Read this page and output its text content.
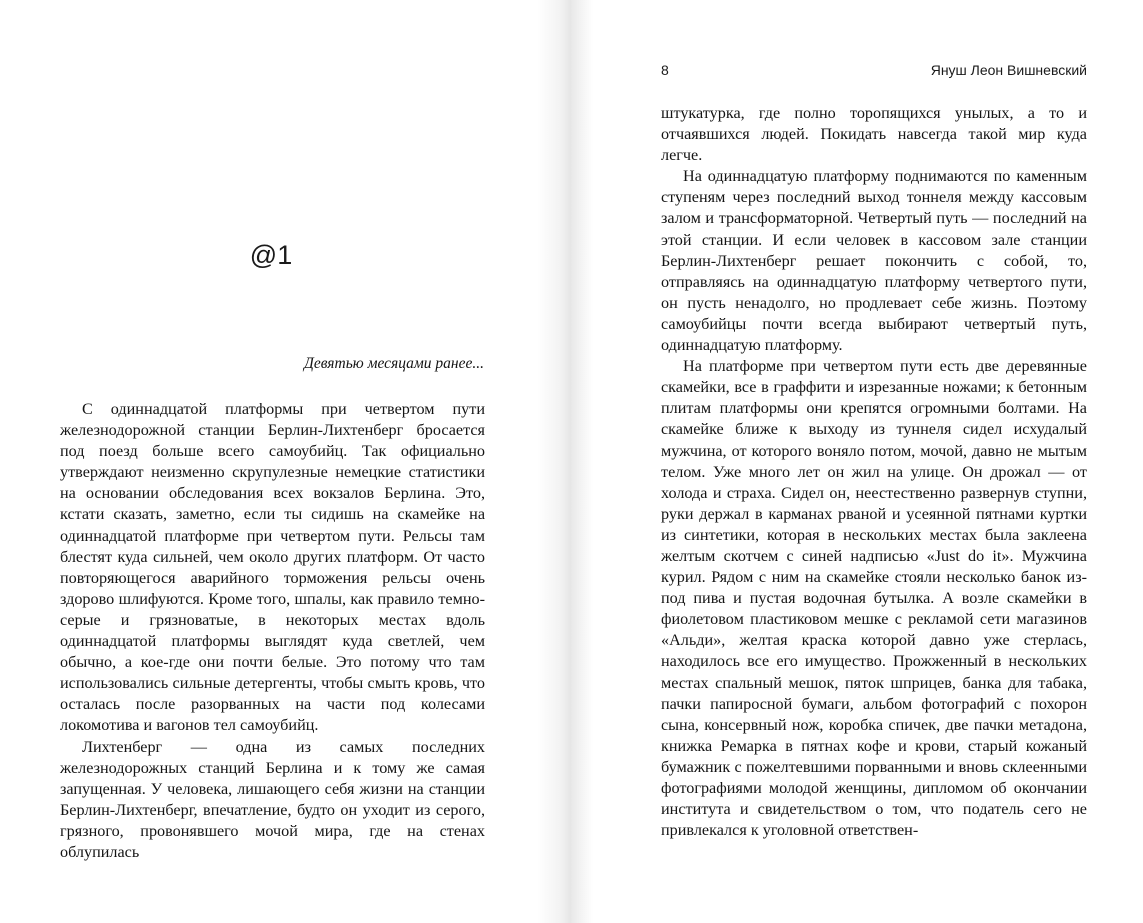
@1
Девятью месяцами ранее...

С одиннадцатой платформы при четвертом пути железнодорожной станции Берлин-Лихтенберг бросается под поезд больше всего самоубийц. Так официально утверждают неизменно скрупулезные немецкие статистики на основании обследования всех вокзалов Берлина. Это, кстати сказать, заметно, если ты сидишь на скамейке на одиннадцатой платформе при четвертом пути. Рельсы там блестят куда сильней, чем около других платформ. От часто повторяющегося аварийного торможения рельсы очень здорово шлифуются. Кроме того, шпалы, как правило темно-серые и грязноватые, в некоторых местах вдоль одиннадцатой платформы выглядят куда светлей, чем обычно, а кое-где они почти белые. Это потому что там использовались сильные детергенты, чтобы смыть кровь, что осталась после разорванных на части под колесами локомотива и вагонов тел самоубийц.

Лихтенберг — одна из самых последних железнодорожных станций Берлина и к тому же самая запущенная. У человека, лишающего себя жизни на станции Берлин-Лихтенберг, впечатление, будто он уходит из серого, грязного, провонявшего мочой мира, где на стенах облупилась

8	Януш Леон Вишневский

штукатурка, где полно торопящихся унылых, а то и отчаявшихся людей. Покидать навсегда такой мир куда легче.

На одиннадцатую платформу поднимаются по каменным ступеням через последний выход тоннеля между кассовым залом и трансформаторной. Четвертый путь — последний на этой станции. И если человек в кассовом зале станции Берлин-Лихтенберг решает покончить с собой, то, отправляясь на одиннадцатую платформу четвертого пути, он пусть ненадолго, но продлевает себе жизнь. Поэтому самоубийцы почти всегда выбирают четвертый путь, одиннадцатую платформу.

На платформе при четвертом пути есть две деревянные скамейки, все в граффити и изрезанные ножами; к бетонным плитам платформы они крепятся огромными болтами. На скамейке ближе к выходу из туннеля сидел исхудалый мужчина, от которого воняло потом, мочой, давно не мытым телом. Уже много лет он жил на улице. Он дрожал — от холода и страха. Сидел он, неестественно развернув ступни, руки держал в карманах рваной и усеянной пятнами куртки из синтетики, которая в нескольких местах была заклеена желтым скотчем с синей надписью «Just do it». Мужчина курил. Рядом с ним на скамейке стояли несколько банок из-под пива и пустая водочная бутылка. А возле скамейки в фиолетовом пластиковом мешке с рекламой сети магазинов «Альди», желтая краска которой давно уже стерлась, находилось все его имущество. Прожженный в нескольких местах спальный мешок, пяток шприцев, банка для табака, пачки папиросной бумаги, альбом фотографий с похорон сына, консервный нож, коробка спичек, две пачки метадона, книжка Ремарка в пятнах кофе и крови, старый кожаный бумажник с пожелтевшими порванными и вновь склеенными фотографиями молодой женщины, дипломом об окончании института и свидетельством о том, что податель сего не привлекался к уголовной ответствен-
